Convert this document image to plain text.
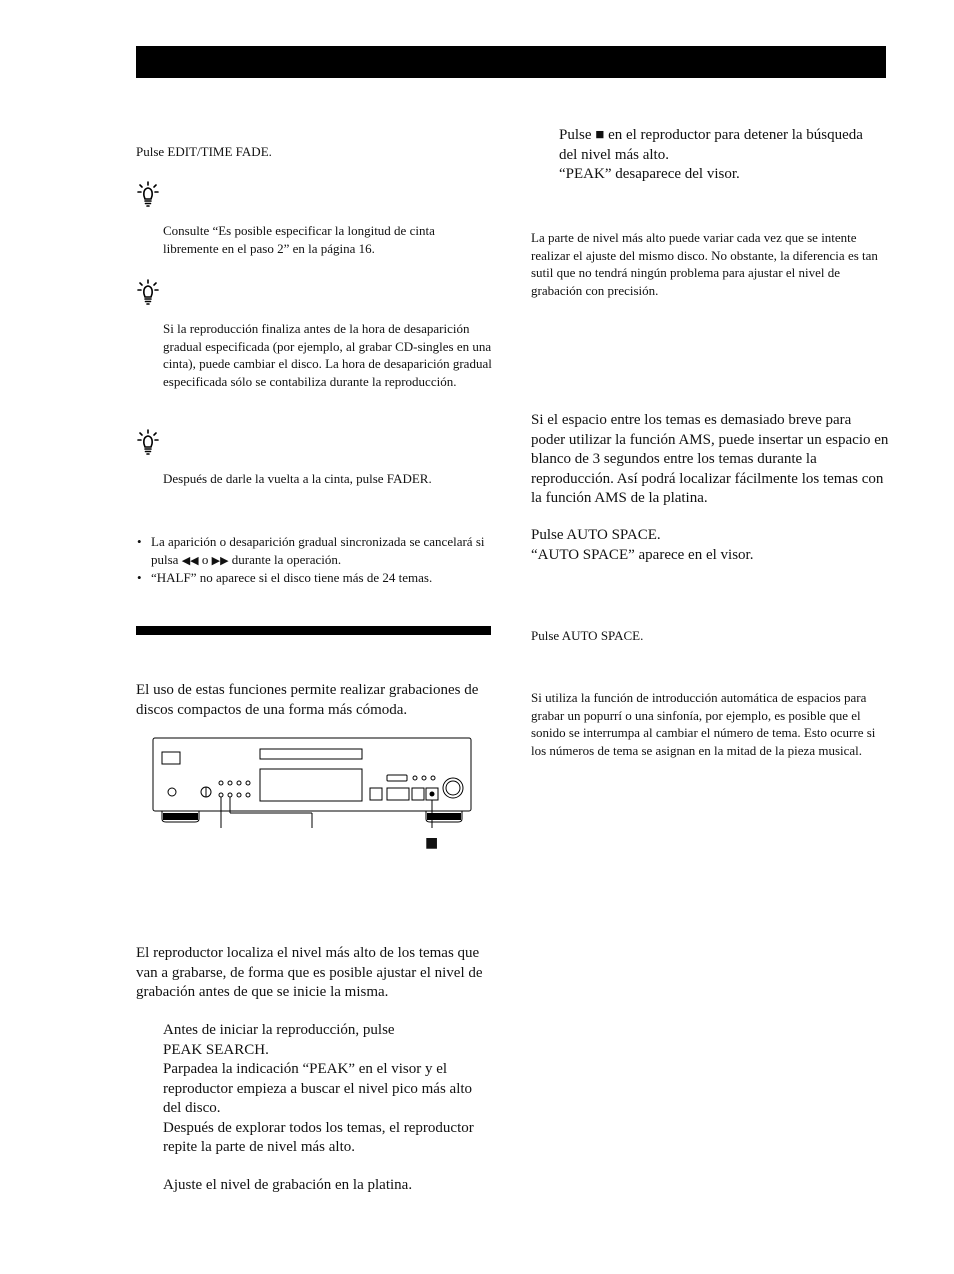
Pulse EDIT/TIME FADE.
Consulte “Es posible especificar la longitud de cinta libremente en el paso 2” en la página 16.
Si la reproducción finaliza antes de la hora de desaparición gradual especificada (por ejemplo, al grabar CD-singles en una cinta), puede cambiar el disco. La hora de desaparición gradual especificada sólo se contabiliza durante la reproducción.
Después de darle la vuelta a la cinta, pulse FADER.
• La aparición o desaparición gradual sincronizada se cancelará si pulsa ◀◀ o ▶▶ durante la operación.
• “HALF” no aparece si el disco tiene más de 24 temas.
El uso de estas funciones permite realizar grabaciones de discos compactos de una forma más cómoda.
■
El reproductor localiza el nivel más alto de los temas que van a grabarse, de forma que es posible ajustar el nivel de grabación antes de que se inicie la misma.
Antes de iniciar la reproducción, pulse
PEAK SEARCH.
Parpadea la indicación “PEAK” en el visor y el reproductor empieza a buscar el nivel pico más alto del disco.
Después de explorar todos los temas, el reproductor repite la parte de nivel más alto.
Ajuste el nivel de grabación en la platina.
Pulse ■ en el reproductor para detener la búsqueda del nivel más alto.
“PEAK” desaparece del visor.
La parte de nivel más alto puede variar cada vez que se intente realizar el ajuste del mismo disco. No obstante, la diferencia es tan sutil que no tendrá ningún problema para ajustar el nivel de grabación con precisión.
Si el espacio entre los temas es demasiado breve para poder utilizar la función AMS, puede insertar un espacio en blanco de 3 segundos entre los temas durante la reproducción. Así podrá localizar fácilmente los temas con la función AMS de la platina.
Pulse AUTO SPACE.
“AUTO SPACE” aparece en el visor.
Pulse AUTO SPACE.
Si utiliza la función de introducción automática de espacios para grabar un popurrí o una sinfonía, por ejemplo, es posible que el sonido se interrumpa al cambiar el número de tema. Esto ocurre si los números de tema se asignan en la mitad de la pieza musical.
